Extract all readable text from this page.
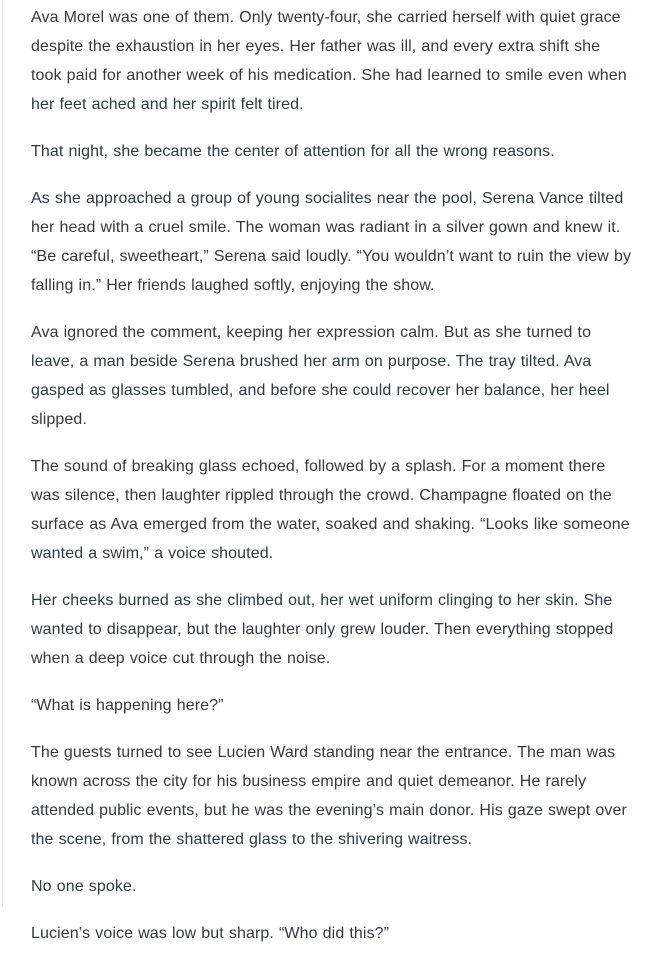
Ava Morel was one of them. Only twenty-four, she carried herself with quiet grace despite the exhaustion in her eyes. Her father was ill, and every extra shift she took paid for another week of his medication. She had learned to smile even when her feet ached and her spirit felt tired.

That night, she became the center of attention for all the wrong reasons.

As she approached a group of young socialites near the pool, Serena Vance tilted her head with a cruel smile. The woman was radiant in a silver gown and knew it. “Be careful, sweetheart,” Serena said loudly. “You wouldn’t want to ruin the view by falling in.” Her friends laughed softly, enjoying the show.

Ava ignored the comment, keeping her expression calm. But as she turned to leave, a man beside Serena brushed her arm on purpose. The tray tilted. Ava gasped as glasses tumbled, and before she could recover her balance, her heel slipped.

The sound of breaking glass echoed, followed by a splash. For a moment there was silence, then laughter rippled through the crowd. Champagne floated on the surface as Ava emerged from the water, soaked and shaking. “Looks like someone wanted a swim,” a voice shouted.

Her cheeks burned as she climbed out, her wet uniform clinging to her skin. She wanted to disappear, but the laughter only grew louder. Then everything stopped when a deep voice cut through the noise.

“What is happening here?”

The guests turned to see Lucien Ward standing near the entrance. The man was known across the city for his business empire and quiet demeanor. He rarely attended public events, but he was the evening’s main donor. His gaze swept over the scene, from the shattered glass to the shivering waitress.

No one spoke.

Lucien’s voice was low but sharp. “Who did this?”
